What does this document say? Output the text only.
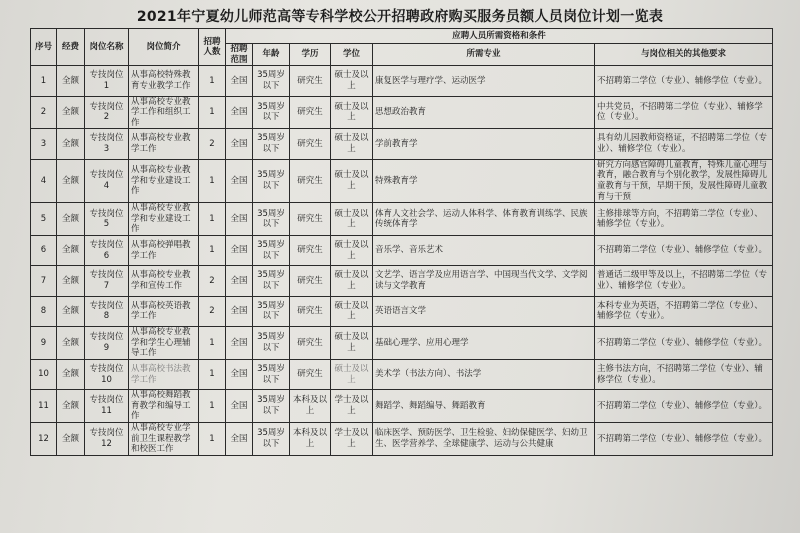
2021年宁夏幼儿师范高等专科学校公开招聘政府购买服务员额人员岗位计划一览表
序号	经费	岗位名称	岗位简介	招聘人数	应聘人员所需资格和条件					
					招聘范围	年龄	学历	学位	所需专业	与岗位相关的其他要求
1	全额	专技岗位1	从事高校特殊教育专业教学工作	1	全国	35周岁以下	研究生	硕士及以上	康复医学与理疗学、运动医学	不招聘第二学位（专业）、辅修学位（专业）。
2	全额	专技岗位2	从事高校专业教学工作和组织工作	1	全国	35周岁以下	研究生	硕士及以上	思想政治教育	中共党员，不招聘第二学位（专业）、辅修学位（专业）。
3	全额	专技岗位3	从事高校专业教学工作	2	全国	35周岁以下	研究生	硕士及以上	学前教育学	具有幼儿园教师资格证，不招聘第二学位（专业）、辅修学位（专业）。
4	全额	专技岗位4	从事高校专业教学和专业建设工作	1	全国	35周岁以下	研究生	硕士及以上	特殊教育学	研究方向感官障碍儿童教育，特殊儿童心理与教育，融合教育与个别化教学，发展性障碍儿童教育与干预，早期干预，发展性障碍儿童教育与干预
5	全额	专技岗位5	从事高校专业教学和专业建设工作	1	全国	35周岁以下	研究生	硕士及以上	体育人文社会学、运动人体科学、体育教育训练学、民族传统体育学	主修排球等方向，不招聘第二学位（专业）、辅修学位（专业）。
6	全额	专技岗位6	从事高校弹唱教学工作	1	全国	35周岁以下	研究生	硕士及以上	音乐学、音乐艺术	不招聘第二学位（专业）、辅修学位（专业）。
7	全额	专技岗位7	从事高校专业教学和宣传工作	2	全国	35周岁以下	研究生	硕士及以上	文艺学、语言学及应用语言学、中国现当代文学、文学阅读与文学教育	普通话二级甲等及以上，不招聘第二学位（专业）、辅修学位（专业）。
8	全额	专技岗位8	从事高校英语教学工作	2	全国	35周岁以下	研究生	硕士及以上	英语语言文学	本科专业为英语，不招聘第二学位（专业）、辅修学位（专业）。
9	全额	专技岗位9	从事高校专业教学和学生心理辅导工作	1	全国	35周岁以下	研究生	硕士及以上	基础心理学、应用心理学	不招聘第二学位（专业）、辅修学位（专业）。
10	全额	专技岗位10	从事高校书法教学工作	1	全国	35周岁以下	研究生	硕士及以上	美术学（书法方向）、书法学	主修书法方向，不招聘第二学位（专业）、辅修学位（专业）。
11	全额	专技岗位11	从事高校舞蹈教育教学和编导工作	1	全国	35周岁以下	本科及以上	学士及以上	舞蹈学、舞蹈编导、舞蹈教育	不招聘第二学位（专业）、辅修学位（专业）。
12	全额	专技岗位12	从事高校专业学前卫生课程教学和校医工作	1	全国	35周岁以下	本科及以上	学士及以上	临床医学、预防医学、卫生检验、妇幼保健医学、妇幼卫生、医学营养学、全球健康学、运动与公共健康	不招聘第二学位（专业）、辅修学位（专业）。
